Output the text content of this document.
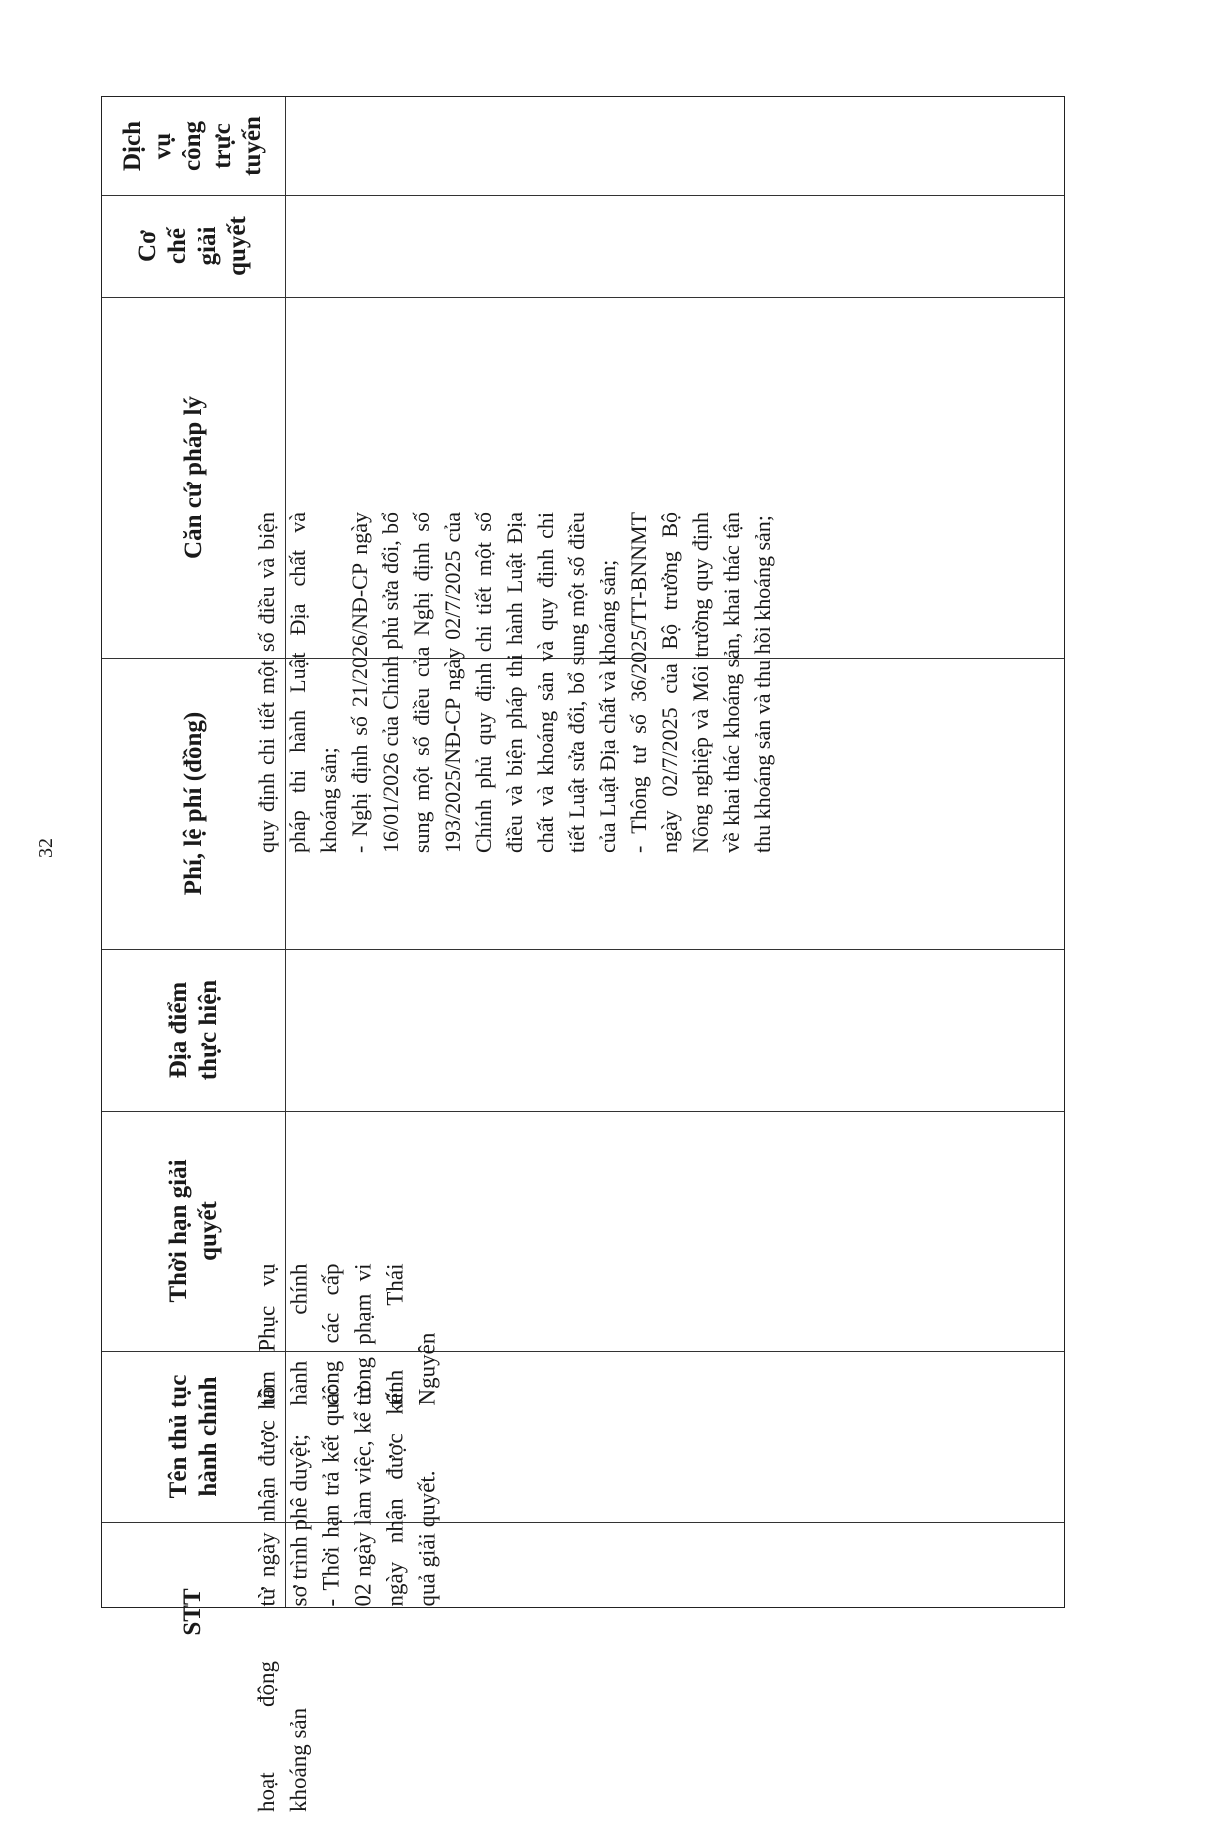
32
STT
Tên thủ tục
hành chính
Thời hạn giải
quyết
Địa điểm
thực hiện
Phí, lệ phí (đồng)
Căn cứ pháp lý
Cơ
chế
giải
quyết
Dịch
vụ
công
trực
tuyến
hoạt động khoáng sản
từ ngày nhận được hồ sơ trình phê duyệt;
- Thời hạn trả kết quả: 02 ngày làm việc, kể từ ngày nhận được kết quả giải quyết.
tâm Phục vụ hành chính công các cấp trong phạm vi tỉnh Thái Nguyên
quy định chi tiết một số điều và biện pháp thi hành Luật Địa chất và khoáng sản;
- Nghị định số 21/2026/NĐ-CP ngày 16/01/2026 của Chính phủ sửa đổi, bổ sung một số điều của Nghị định số 193/2025/NĐ-CP ngày 02/7/2025 của Chính phủ quy định chi tiết một số điều và biện pháp thi hành Luật Địa chất và khoáng sản và quy định chi tiết Luật sửa đổi, bổ sung một số điều của Luật Địa chất và khoáng sản;
- Thông tư số 36/2025/TT-BNNMT ngày 02/7/2025 của Bộ trưởng Bộ Nông nghiệp và Môi trường quy định về khai thác khoáng sản, khai thác tận thu khoáng sản và thu hồi khoáng sản;
